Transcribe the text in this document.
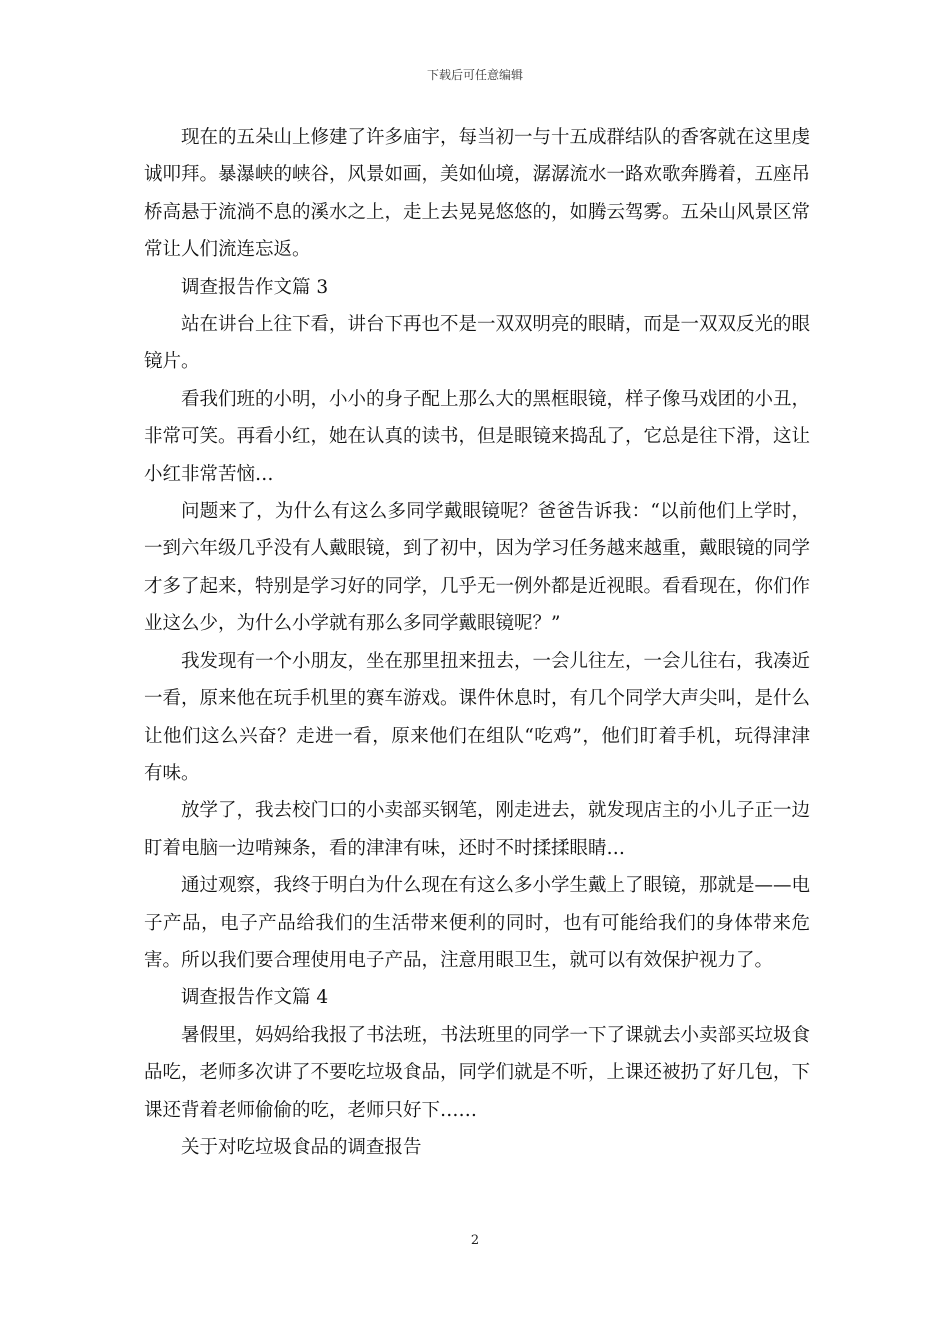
下载后可任意编辑

现在的五朵山上修建了许多庙宇，每当初一与十五成群结队的香客就在这里虔诚叩拜。暴瀑峡的峡谷，风景如画，美如仙境，潺潺流水一路欢歌奔腾着，五座吊桥高悬于流淌不息的溪水之上，走上去晃晃悠悠的，如腾云驾雾。五朵山风景区常常让人们流连忘返。

调查报告作文篇 3

站在讲台上往下看，讲台下再也不是一双双明亮的眼睛，而是一双双反光的眼镜片。

看我们班的小明，小小的身子配上那么大的黑框眼镜，样子像马戏团的小丑，非常可笑。再看小红，她在认真的读书，但是眼镜来捣乱了，它总是往下滑，这让小红非常苦恼…

问题来了，为什么有这么多同学戴眼镜呢？爸爸告诉我：“以前他们上学时，一到六年级几乎没有人戴眼镜，到了初中，因为学习任务越来越重，戴眼镜的同学才多了起来，特别是学习好的同学，几乎无一例外都是近视眼。看看现在，你们作业这么少，为什么小学就有那么多同学戴眼镜呢？”

我发现有一个小朋友，坐在那里扭来扭去，一会儿往左，一会儿往右，我凑近一看，原来他在玩手机里的赛车游戏。课件休息时，有几个同学大声尖叫，是什么让他们这么兴奋？走进一看，原来他们在组队“吃鸡”，他们盯着手机，玩得津津有味。

放学了，我去校门口的小卖部买钢笔，刚走进去，就发现店主的小儿子正一边盯着电脑一边啃辣条，看的津津有味，还时不时揉揉眼睛…

通过观察，我终于明白为什么现在有这么多小学生戴上了眼镜，那就是——电子产品，电子产品给我们的生活带来便利的同时，也有可能给我们的身体带来危害。所以我们要合理使用电子产品，注意用眼卫生，就可以有效保护视力了。

调查报告作文篇 4

暑假里，妈妈给我报了书法班，书法班里的同学一下了课就去小卖部买垃圾食品吃，老师多次讲了不要吃垃圾食品，同学们就是不听，上课还被扔了好几包，下课还背着老师偷偷的吃，老师只好下……

关于对吃垃圾食品的调查报告

2
